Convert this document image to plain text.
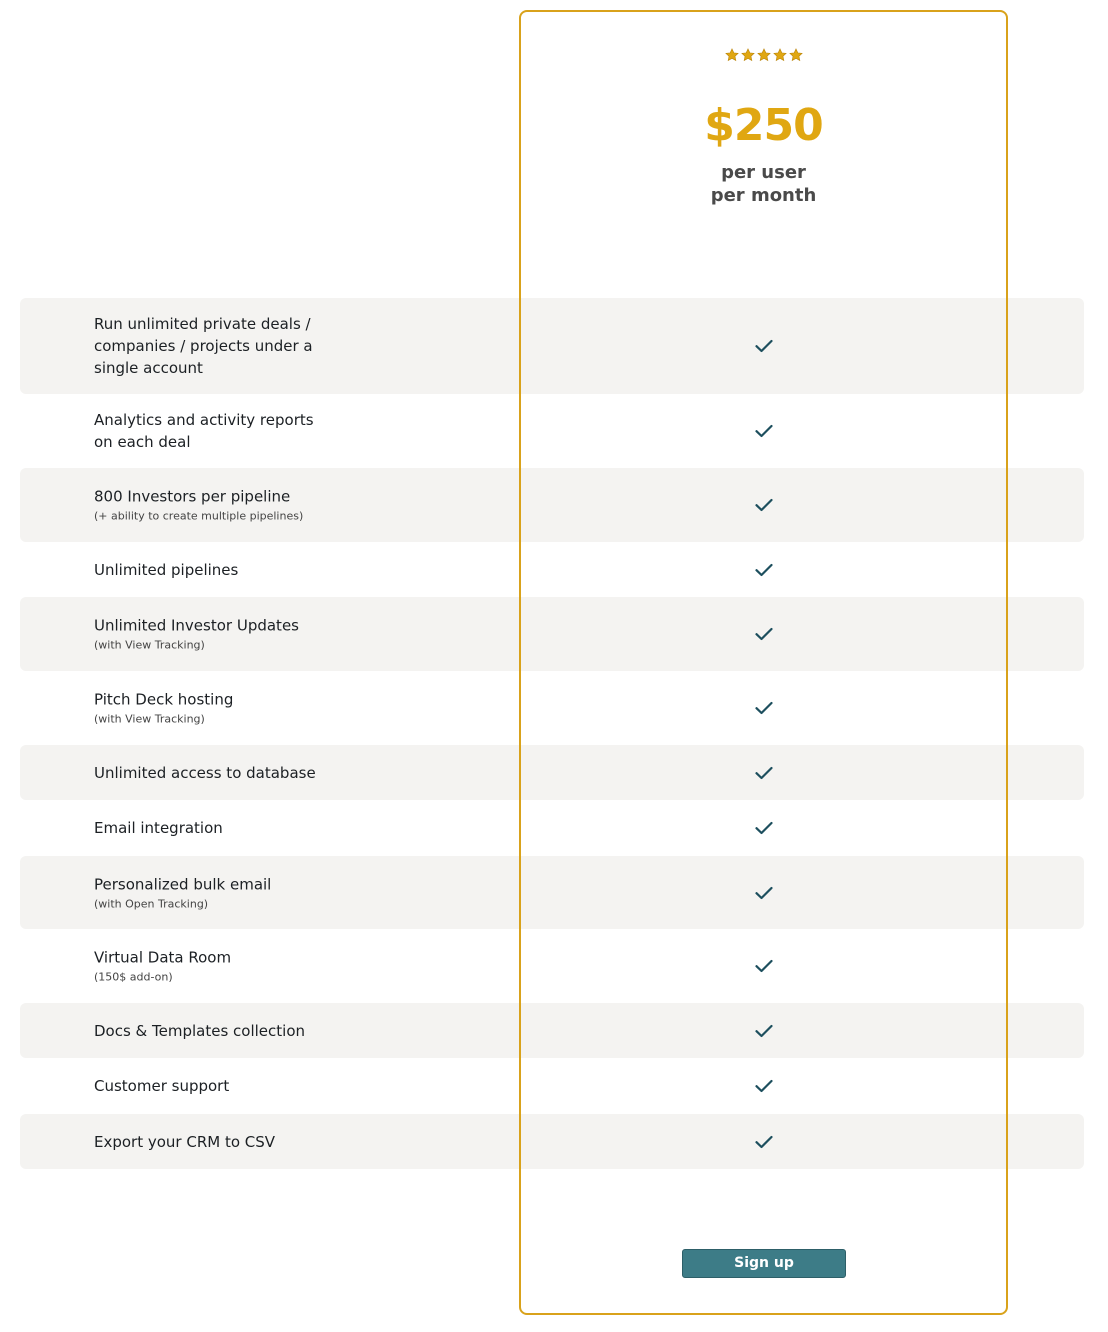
$250
per user
per month
Run unlimited private deals / companies / projects under a single account
Analytics and activity reports on each deal
800 Investors per pipeline
(+ ability to create multiple pipelines)
Unlimited pipelines
Unlimited Investor Updates
(with View Tracking)
Pitch Deck hosting
(with View Tracking)
Unlimited access to database
Email integration
Personalized bulk email
(with Open Tracking)
Virtual Data Room
(150$ add-on)
Docs & Templates collection
Customer support
Export your CRM to CSV
Sign up
